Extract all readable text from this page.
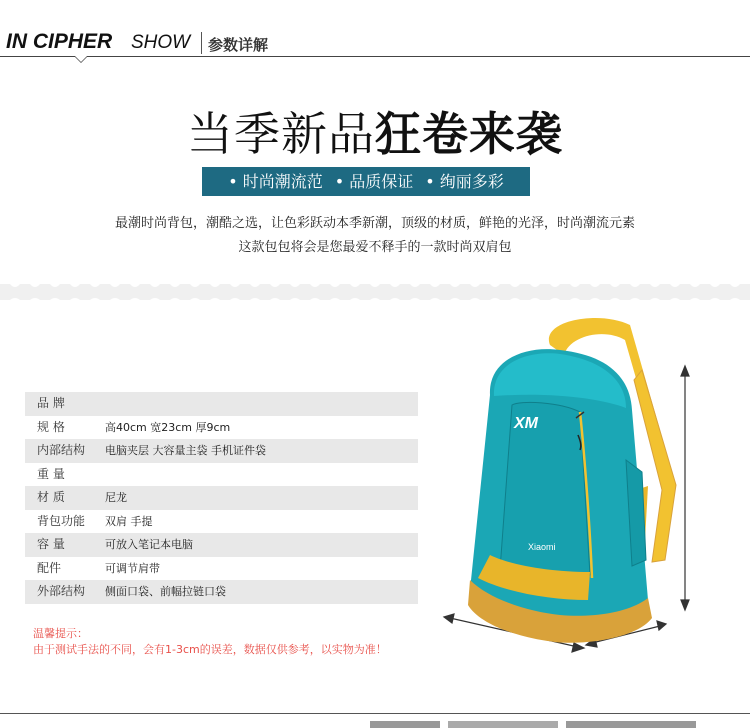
IN CIPHER SHOW 参数详解
当季新品狂卷来袭
• 时尚潮流范 • 品质保证 • 绚丽多彩
最潮时尚背包，潮酷之选，让色彩跃动本季新潮，顶级的材质，鲜艳的光泽，时尚潮流元素
这款包包将会是您最爱不释手的一款时尚双肩包
品 牌
规 格	高40cm 宽23cm 厚9cm
内部结构	电脑夹层 大容量主袋 手机证件袋
重 量
材 质	尼龙
背包功能	双肩 手提
容 量	可放入笔记本电脑
配件	可调节肩带
外部结构	侧面口袋、前幅拉链口袋
温馨提示：
由于测试手法的不同，会有1-3cm的误差，数据仅供参考，以实物为准！
XM
Xiaomi
